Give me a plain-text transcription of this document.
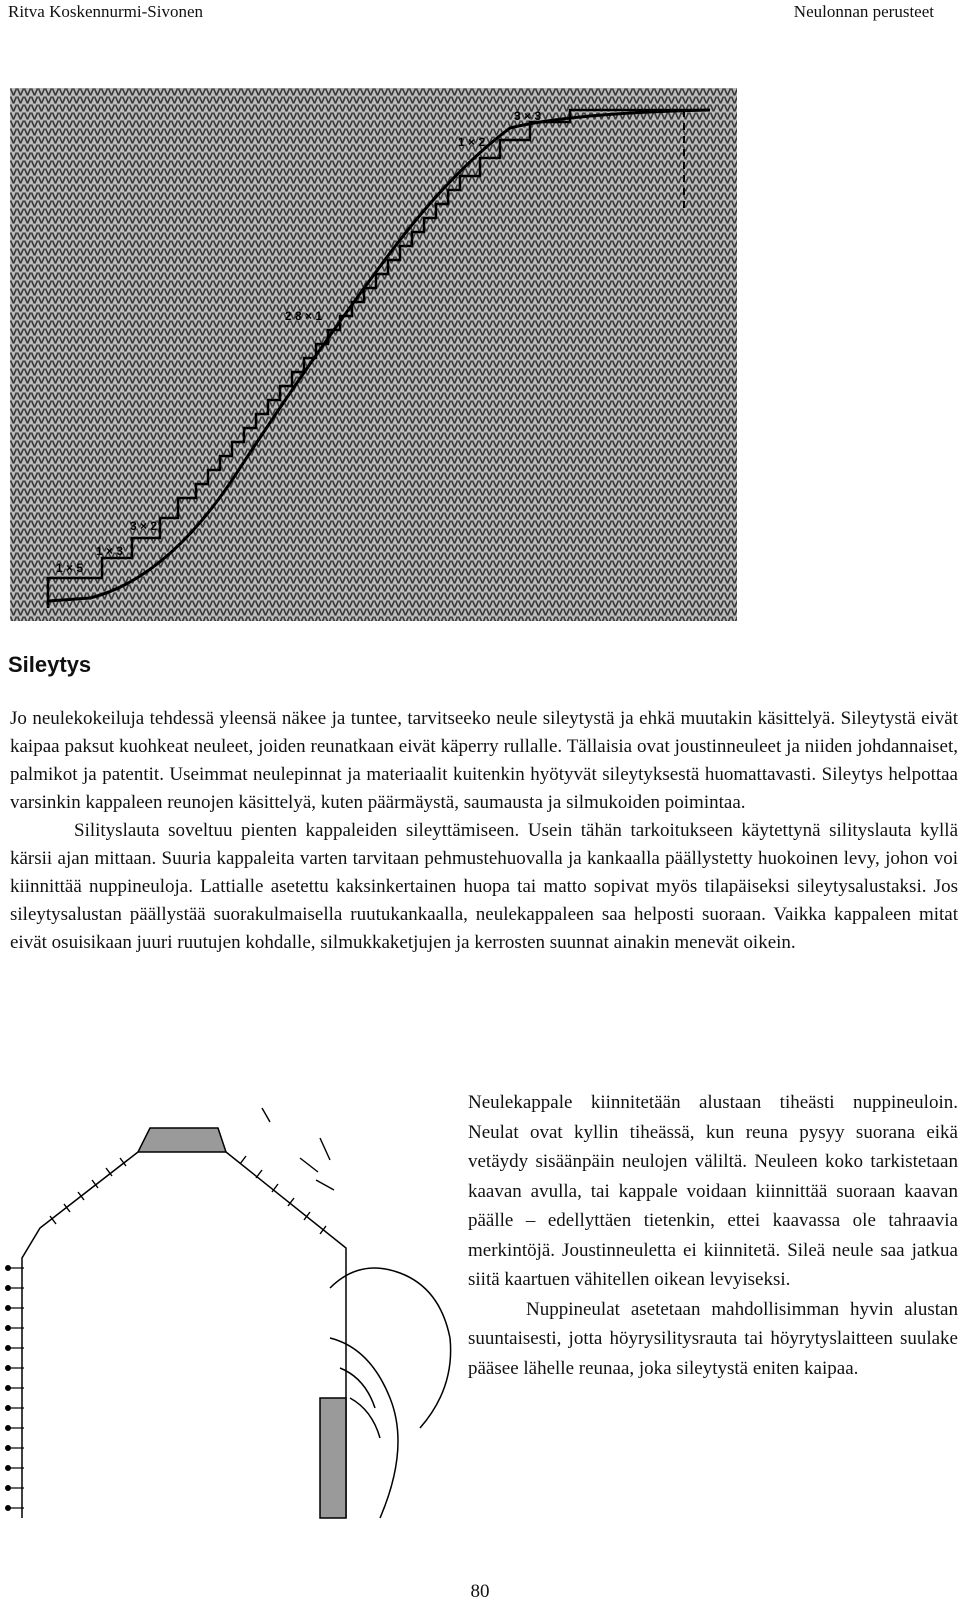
Ritva Koskennurmi-Sivonen	Neulonnan perusteet
3 × 3
1 × 2
2 8 × 1
3 × 2
1 × 3
1 × 5
Sileytys

Jo neulekokeiluja tehdessä yleensä näkee ja tuntee, tarvitseeko neule sileytystä ja ehkä muutakin käsittelyä. Sileytystä eivät kaipaa paksut kuohkeat neuleet, joiden reunatkaan eivät käperry rullalle. Tällaisia ovat joustinneuleet ja niiden johdannaiset, palmikot ja patentit. Useimmat neulepinnat ja materiaalit kuitenkin hyötyvät sileytyksestä huomattavasti. Sileytys helpottaa varsinkin kappaleen reunojen käsittelyä, kuten päärmäystä, saumausta ja silmukoiden poimintaa.

Silityslauta soveltuu pienten kappaleiden sileyttämiseen. Usein tähän tarkoitukseen käytettynä silityslauta kyllä kärsii ajan mittaan. Suuria kappaleita varten tarvitaan pehmustehuovalla ja kankaalla päällystetty huokoinen levy, johon voi kiinnittää nuppineuloja. Lattialle asetettu kaksinkertainen huopa tai matto sopivat myös tilapäiseksi sileytysalustaksi. Jos sileytysalustan päällystää suorakulmaisella ruutukankaalla, neulekappaleen saa helposti suoraan. Vaikka kappaleen mitat eivät osuisikaan juuri ruutujen kohdalle, silmukkaketjujen ja kerrosten suunnat ainakin menevät oikein.

Neulekappale kiinnitetään alustaan tiheästi nuppineuloin. Neulat ovat kyllin tiheässä, kun reuna pysyy suorana eikä vetäydy sisäänpäin neulojen väliltä. Neuleen koko tarkistetaan kaavan avulla, tai kappale voidaan kiinnittää suoraan kaavan päälle – edellyttäen tietenkin, ettei kaavassa ole tahraavia merkintöjä. Joustinneuletta ei kiinnitetä. Sileä neule saa jatkua siitä kaartuen vähitellen oikean levyiseksi.

Nuppineulat asetetaan mahdollisimman hyvin alustan suuntaisesti, jotta höyrysilitysrauta tai höyrytyslaitteen suulake pääsee lähelle reunaa, joka sileytystä eniten kaipaa.

80
